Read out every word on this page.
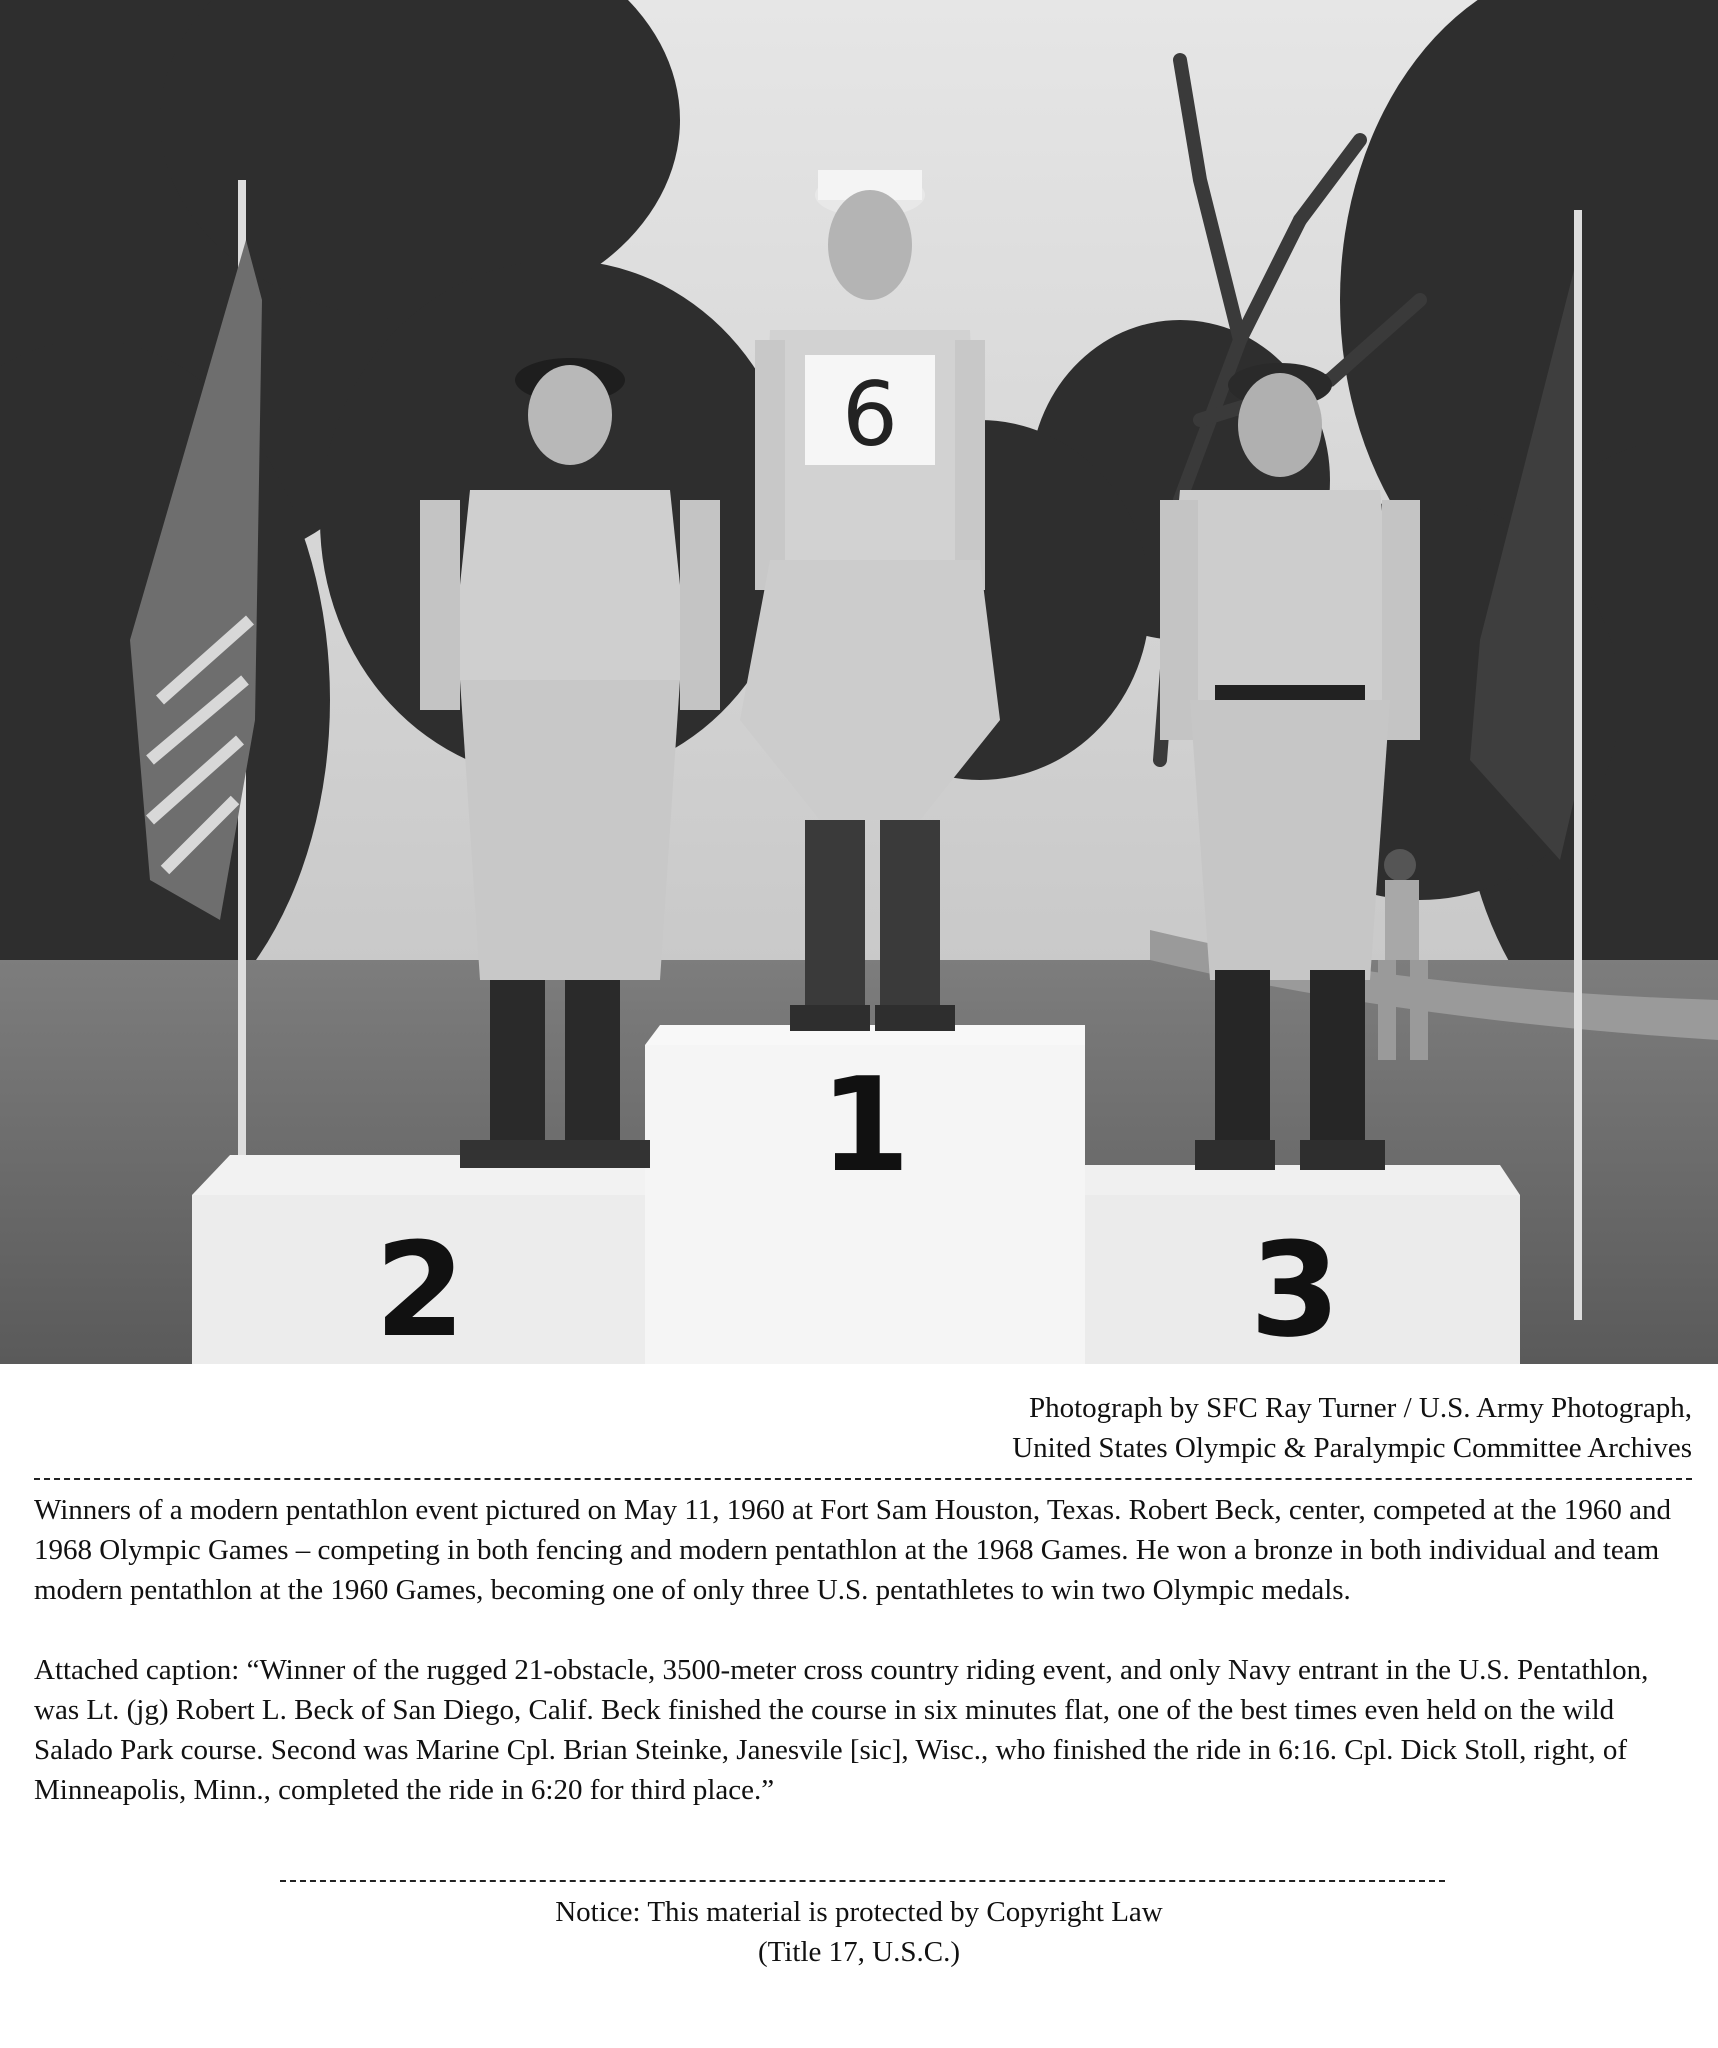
1
2	3
6
Photograph by SFC Ray Turner / U.S. Army Photograph,
United States Olympic & Paralympic Committee Archives

Winners of a modern pentathlon event pictured on May 11, 1960 at Fort Sam Houston, Texas. Robert Beck, center, competed at the 1960 and 1968 Olympic Games – competing in both fencing and modern pentathlon at the 1968 Games. He won a bronze in both individual and team modern pentathlon at the 1960 Games, becoming one of only three U.S. pentathletes to win two Olympic medals.

Attached caption: “Winner of the rugged 21-obstacle, 3500-meter cross country riding event, and only Navy entrant in the U.S. Pentathlon, was Lt. (jg) Robert L. Beck of San Diego, Calif. Beck finished the course in six minutes flat, one of the best times even held on the wild Salado Park course. Second was Marine Cpl. Brian Steinke, Janesvile [sic], Wisc., who finished the ride in 6:16. Cpl. Dick Stoll, right, of Minneapolis, Minn., completed the ride in 6:20 for third place.”

Notice: This material is protected by Copyright Law
(Title 17, U.S.C.)
